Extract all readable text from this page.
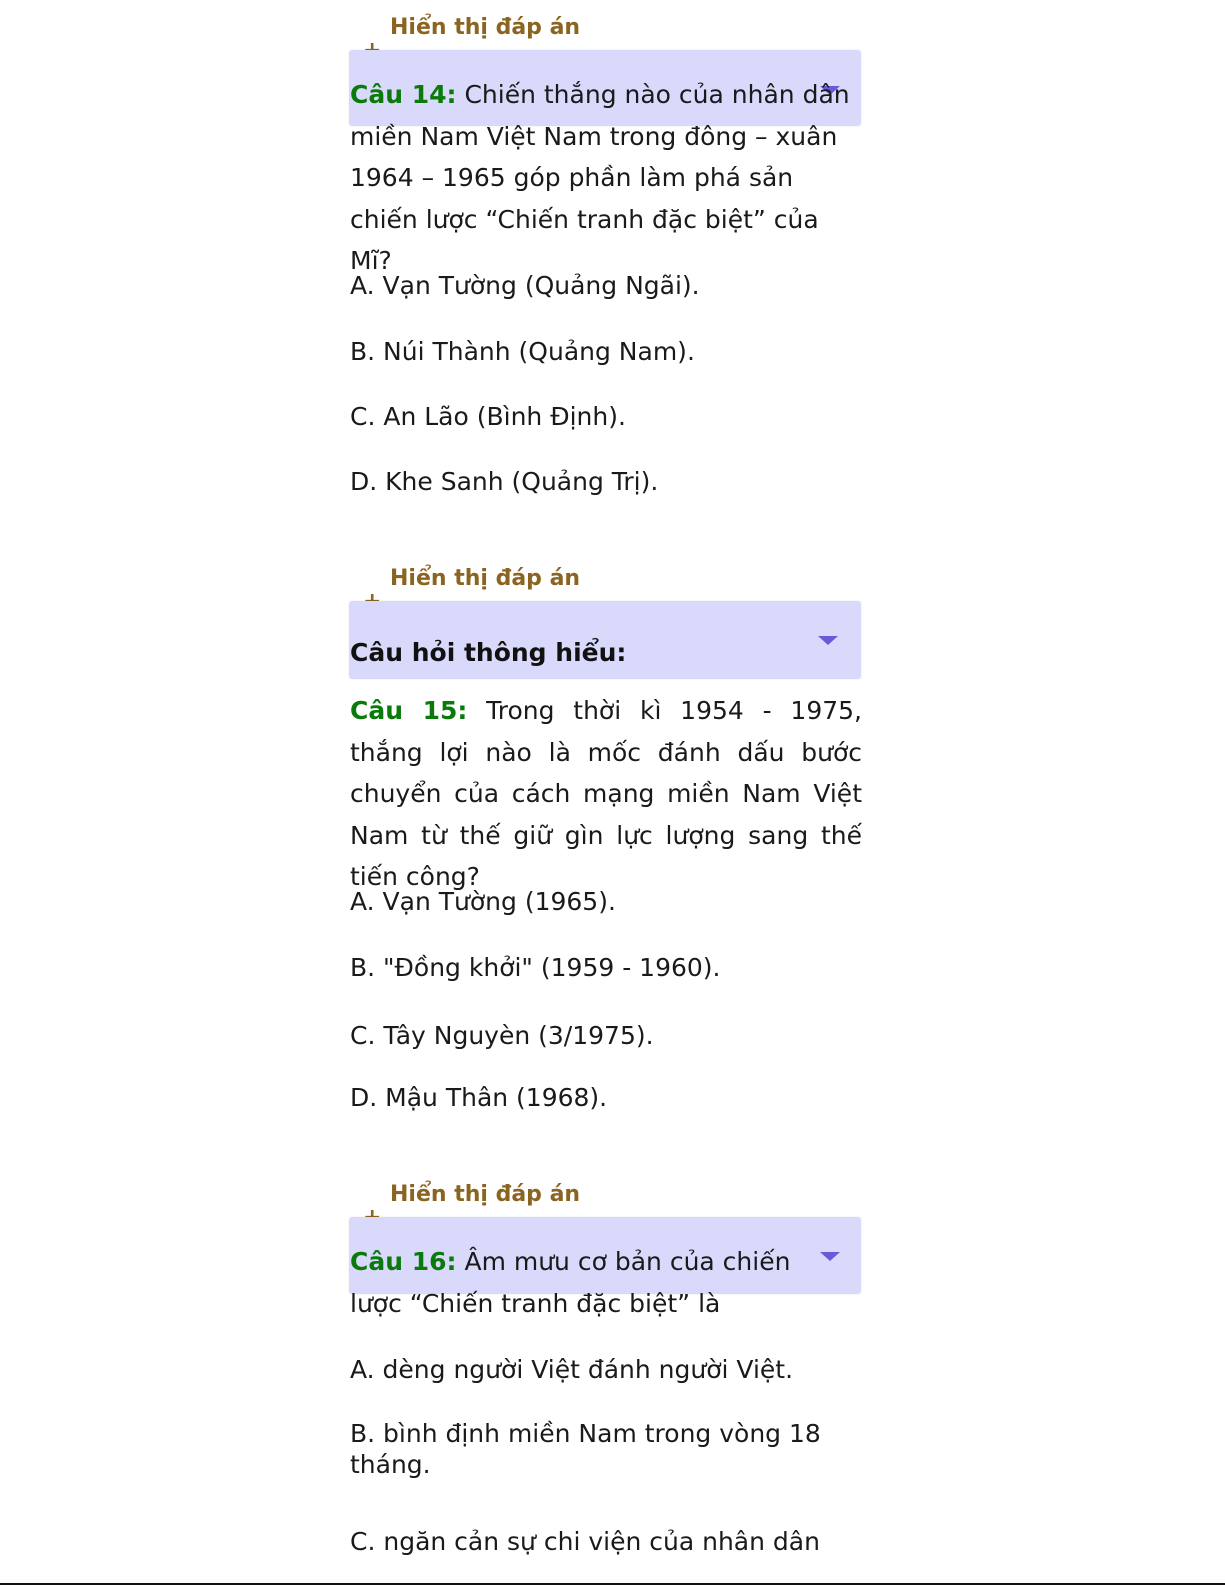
Hiển thị đáp án

Câu 14: Chiến thắng nào của nhân dân miền Nam Việt Nam trong đông – xuân 1964 – 1965 góp phần làm phá sản chiến lược “Chiến tranh đặc biệt” của Mĩ?

A. Vạn Tường (Quảng Ngãi).

B. Núi Thành (Quảng Nam).

C. An Lão (Bình Định).

D. Khe Sanh (Quảng Trị).

Hiển thị đáp án
Câu hỏi thông hiểu:

Câu 15: Trong thời kì 1954 - 1975, thắng lợi nào là mốc đánh dấu bước chuyển của cách mạng miền Nam Việt Nam từ thế giữ gìn lực lượng sang thế tiến công?

A. Vạn Tường (1965).

B. "Đồng khởi" (1959 - 1960).

C. Tây Nguyèn (3/1975).

D. Mậu Thân (1968).

Hiển thị đáp án

Câu 16: Âm mưu cơ bản của chiến lược “Chiến tranh đặc biệt” là

A. dèng người Việt đánh người Việt.

B. bình định miền Nam trong vòng 18 tháng.

C. ngăn cản sự chi viện của nhân dân
